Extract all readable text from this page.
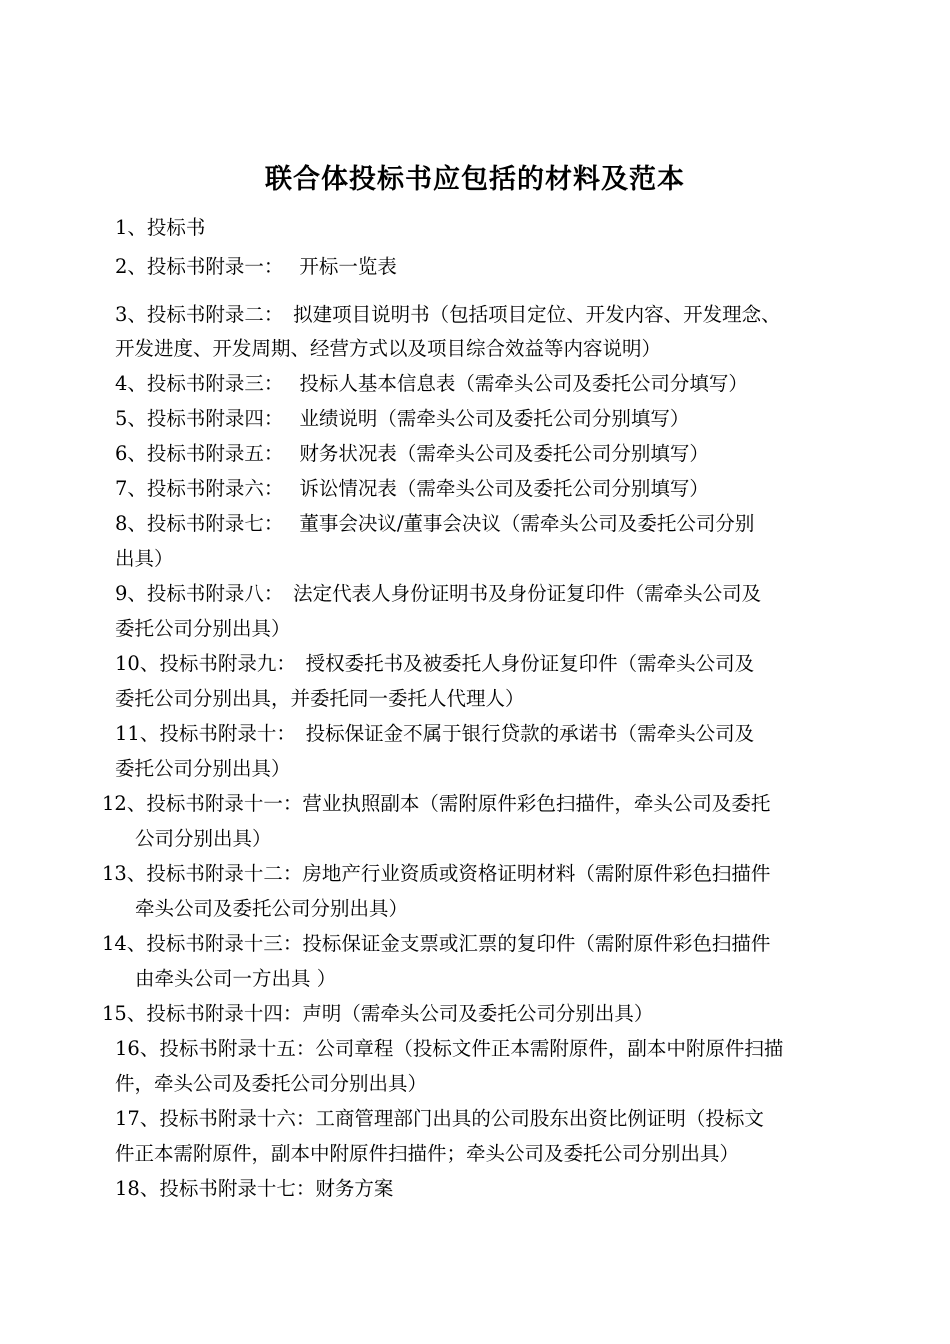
联合体投标书应包括的材料及范本
1、投标书
2、投标书附录一：　 开标一览表
3、投标书附录二：　拟建项目说明书（包括项目定位、开发内容、开发理念、
开发进度、开发周期、经营方式以及项目综合效益等内容说明）
4、投标书附录三：　 投标人基本信息表（需牵头公司及委托公司分填写）
5、投标书附录四：　 业绩说明（需牵头公司及委托公司分别填写）
6、投标书附录五：　 财务状况表（需牵头公司及委托公司分别填写）
7、投标书附录六：　 诉讼情况表（需牵头公司及委托公司分别填写）
8、投标书附录七：　 董事会决议/董事会决议（需牵头公司及委托公司分别
出具）
9、投标书附录八：　法定代表人身份证明书及身份证复印件（需牵头公司及
委托公司分别出具）
10、投标书附录九：　授权委托书及被委托人身份证复印件（需牵头公司及
委托公司分别出具，并委托同一委托人代理人）
11、投标书附录十：　投标保证金不属于银行贷款的承诺书（需牵头公司及
委托公司分别出具）
12、投标书附录十一：营业执照副本（需附原件彩色扫描件，牵头公司及委托
公司分别出具）
13、投标书附录十二：房地产行业资质或资格证明材料（需附原件彩色扫描件
牵头公司及委托公司分别出具）
14、投标书附录十三：投标保证金支票或汇票的复印件（需附原件彩色扫描件
由牵头公司一方出具 ）
15、投标书附录十四：声明（需牵头公司及委托公司分别出具）
16、投标书附录十五：公司章程（投标文件正本需附原件，副本中附原件扫描
件，牵头公司及委托公司分别出具）
17、投标书附录十六：工商管理部门出具的公司股东出资比例证明（投标文
件正本需附原件，副本中附原件扫描件；牵头公司及委托公司分别出具）
18、投标书附录十七：财务方案
